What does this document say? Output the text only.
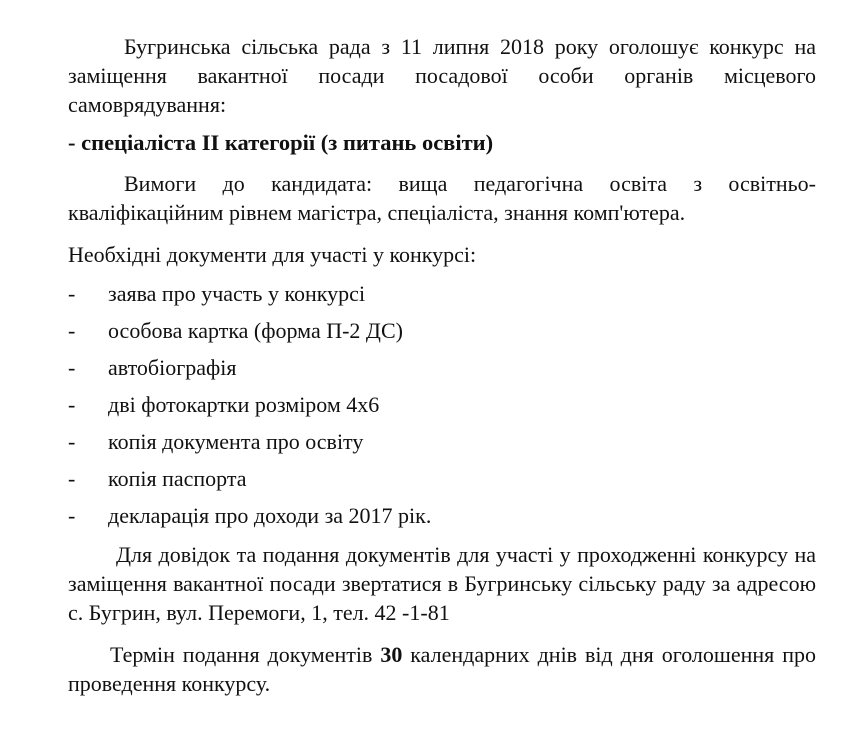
Бугринська сільська рада з 11 липня 2018 року оголошує конкурс на заміщення вакантної посади посадової особи органів місцевого самоврядування:

- спеціаліста ІІ категорії (з питань освіти)

Вимоги до кандидата: вища педагогічна освіта з освітньо-кваліфікаційним рівнем магістра, спеціаліста, знання комп'ютера.

Необхідні документи для участі у конкурсі:

-	заява про участь у конкурсі
-	особова картка (форма П-2 ДС)
-	автобіографія
-	дві фотокартки розміром 4х6
-	копія документа про освіту
-	копія паспорта
-	декларація про доходи за 2017 рік.

Для довідок та подання документів для участі у проходженні конкурсу на заміщення вакантної посади звертатися в Бугринську сільську раду за адресою с. Бугрин, вул. Перемоги, 1, тел. 42 -1-81

Термін подання документів 30 календарних днів від дня оголошення про проведення конкурсу.
